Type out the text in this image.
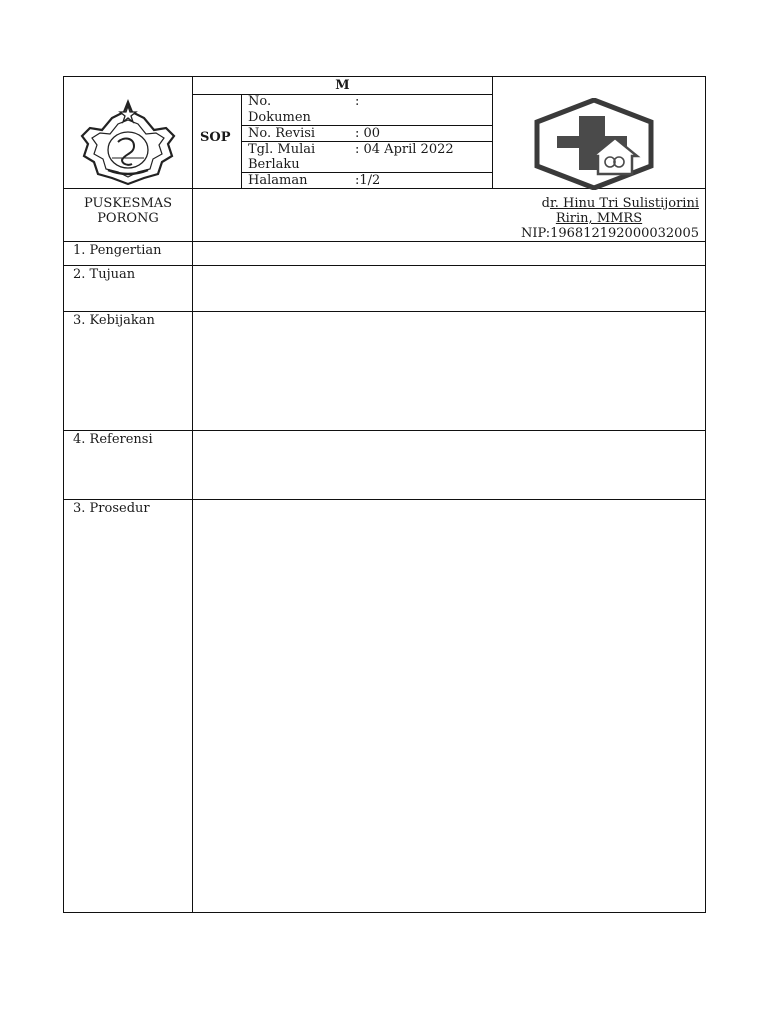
M
SOP
No.
Dokumen
:
No. Revisi	: 00
Tgl. Mulai
Berlaku
: 04 April 2022
Halaman	:1/2
PUSKESMAS
PORONG
dr. Hinu Tri Sulistijorini
Ririn, MMRS
NIP:196812192000032005
1. Pengertian
2. Tujuan
3. Kebijakan
4. Referensi
3. Prosedur
